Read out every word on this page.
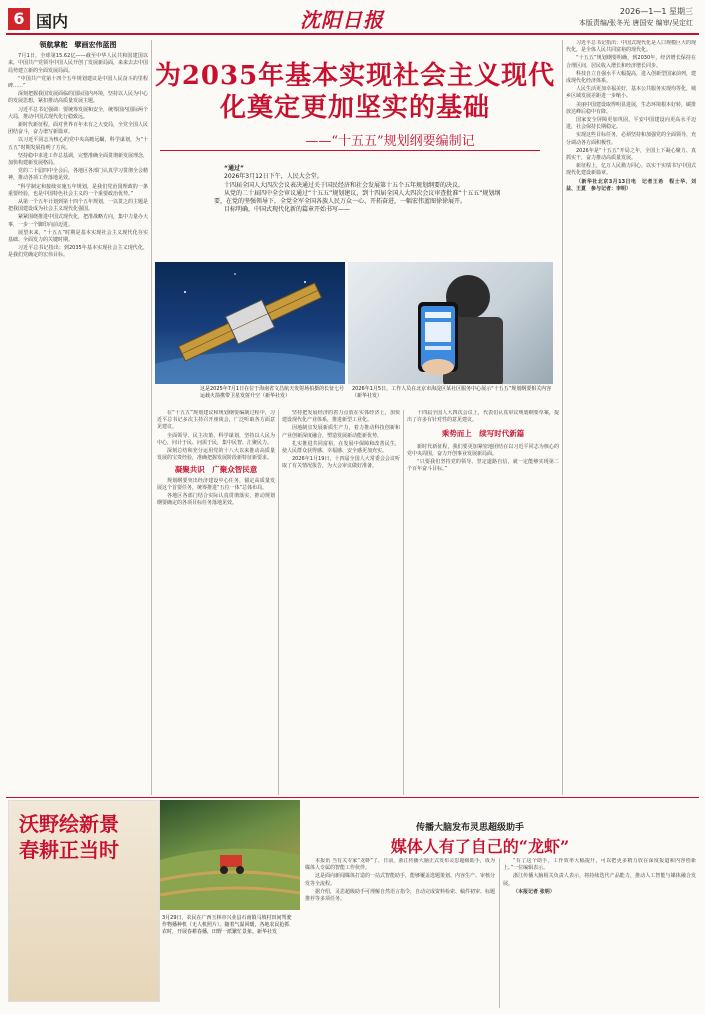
6 国内	沈阳日报	2026—1—1 星期三
本版责编/张冬光 唐国安 编审/吴定红
领航掌舵　擘画宏伟蓝图

7月1日，全球第15.62亿——截至中华人民共和国建国以来，中国共产党领导中国人民开创了发展新局面，来来去去中国局势建立新的全面发展局面。

“中国共产党第十四个五年规划建议是中国人民奋斗的里程碑……”

深刻把握我国发展面临的国际国内环境，坚持以人民为中心的发展思想，紧扣推动高质量发展主题。

习近平总书记强调：要统筹发展和安全，统筹国内国际两个大局，推动中国式现代化行稳致远。

新时代新征程，面对世界百年未有之大变局，全党全国人民团结奋斗，奋力谱写新篇章。

以习近平同志为核心的党中央高瞻远瞩，科学谋划，为“十五五”时期发展指明了方向。

坚持稳中求进工作总基调，完整准确全面贯彻新发展理念，加快构建新发展格局。

党的二十届四中全会后，各地区各部门认真学习贯彻全会精神，推动各项工作落地见效。

“科学制定和接续实施五年规划，是我们党治国理政的一条重要经验，也是中国特色社会主义的一个重要政治优势。”

从第一个五年计划到第十四个五年规划，一以贯之的主题是把我国建设成为社会主义现代化强国。

紧紧围绕推进中国式现代化，把准战略方向，集中力量办大事，一步一个脚印向前迈进。

展望未来，“十五五”时期是基本实现社会主义现代化夯实基础、全面发力的关键时期。

习近平总书记指出：到2035年基本实现社会主义现代化，是我们党确定的宏伟目标。

为2035年基本实现社会主义现代化奠定更加坚实的基础
——“十五五”规划纲要编制记

“通过”

2026年3月12日下午，人民大会堂。

十四届全国人大四次会议表决通过关于国民经济和社会发展第十五个五年规划纲要的决议。

从党的二十届四中全会审议通过“十五五”规划建议，到十四届全国人大四次会议审查批准“十五五”规划纲要，在党的坚强领导下，全党全军全国各族人民万众一心、开拓奋进，一幅宏伟蓝图徐徐展开。

目标明确，中国式现代化新的篇章开始书写——

这是2025年7月1日在位于海南省文昌航天发射场拍摄的长征七号运载火箭携带卫星发射升空（新华社发）
2026年1月5日，工作人员在北京市海淀区某社区服务中心展示“十五五”规划纲要相关内容（新华社发）

在“十五五”规划建议和规划纲要编制过程中，习近平总书记多次主持召开座谈会，广泛听取各方面意见建议。

全面领导、民主决策、科学谋划，坚持以人民为中心，问计于民、问需于民，集中民智、汇聚民力。

深刻总结和充分运用党的十八大以来推动高质量发展的宝贵经验，准确把握发展阶段新特征新要求。

凝聚共识　广聚众智民意

规划纲要突出经济建设中心任务，锚定高质量发展这个首要任务，统筹推进“五位一体”总体布局。

各地区各部门结合实际认真贯彻落实，推动规划纲要确定的各项目标任务落地见效。

坚持把发展经济的着力点放在实体经济上，加快建设现代化产业体系，推进新型工业化。

因地制宜发展新质生产力，着力推动科技创新和产业创新深度融合，塑造发展新动能新优势。

扎实推进共同富裕，在发展中保障和改善民生，使人民群众获得感、幸福感、安全感更加充实。

2026年1月19日，十四届全国人大常委会会议听取了有关情况报告，为大会审议做好准备。

十四届全国人大四次会议上，代表们认真审议规划纲要草案，提出了许多有针对性的意见建议。

乘势而上　续写时代新篇

新时代新征程，我们要更加紧密地团结在以习近平同志为核心的党中央周围，奋力开创事业发展新局面。

“只要我们坚持党的领导、坚定道路自信，就一定能够实现第二个百年奋斗目标。”

习近平总书记指出：中国式现代化是人口规模巨大的现代化，是全体人民共同富裕的现代化。

“十五五”规划纲要明确，到2030年，经济增长保持在合理区间，居民收入增长和经济增长同步。

科技自立自强水平大幅提高，进入创新型国家前列，建成现代化经济体系。

人民生活更加幸福美好，基本公共服务实现均等化，城乡区域发展差距进一步缩小。

美丽中国建设取得明显进展，生态环境根本好转，碳排放达峰后稳中有降。

国家安全屏障更加巩固，平安中国建设向更高水平迈进，社会保持长期稳定。

实现这些目标任务，必须坚持和加强党的全面领导，充分调动各方面积极性。

2026年是“十五五”开局之年，全国上下凝心聚力、真抓实干，奋力推动高质量发展。

新征程上，亿万人民勠力同心，以实干实绩书写中国式现代化建设新篇章。

（新华社北京3月13日电　记者王希　程士华、刘益、王夏　参与记者：李明）

沃野绘新景　春耕正当时
3月29日，农民在广西玉林市兴业县石南镇马坡村田间驾驶作物播种机（无人机照片）。随着气温回暖，各地农民抢抓农时，开展春耕春播，田野一派繁忙景象。新华社发
传播大脑发布灵思超级助手
媒体人有了自己的“龙虾”

本报讯 当有关专家“龙虾”了，日前，浙江传播大脑正式发布灵思超级助手，成为媒体人专属的智能工作伙伴。

这是面向新闻媒体打造的一站式智能助手，能够覆盖选题策划、内容生产、审核分发等全流程。

据介绍，灵思超级助手可理解自然语言指令，自动完成资料检索、稿件初审、标题推荐等多项任务。

“有了这个助手，工作效率大幅提升，可以把更多精力放在深度报道和内容创新上。”一位编辑表示。

浙江传播大脑相关负责人表示，将持续迭代产品能力，推动人工智能与媒体融合发展。

（本报记者 张明）
